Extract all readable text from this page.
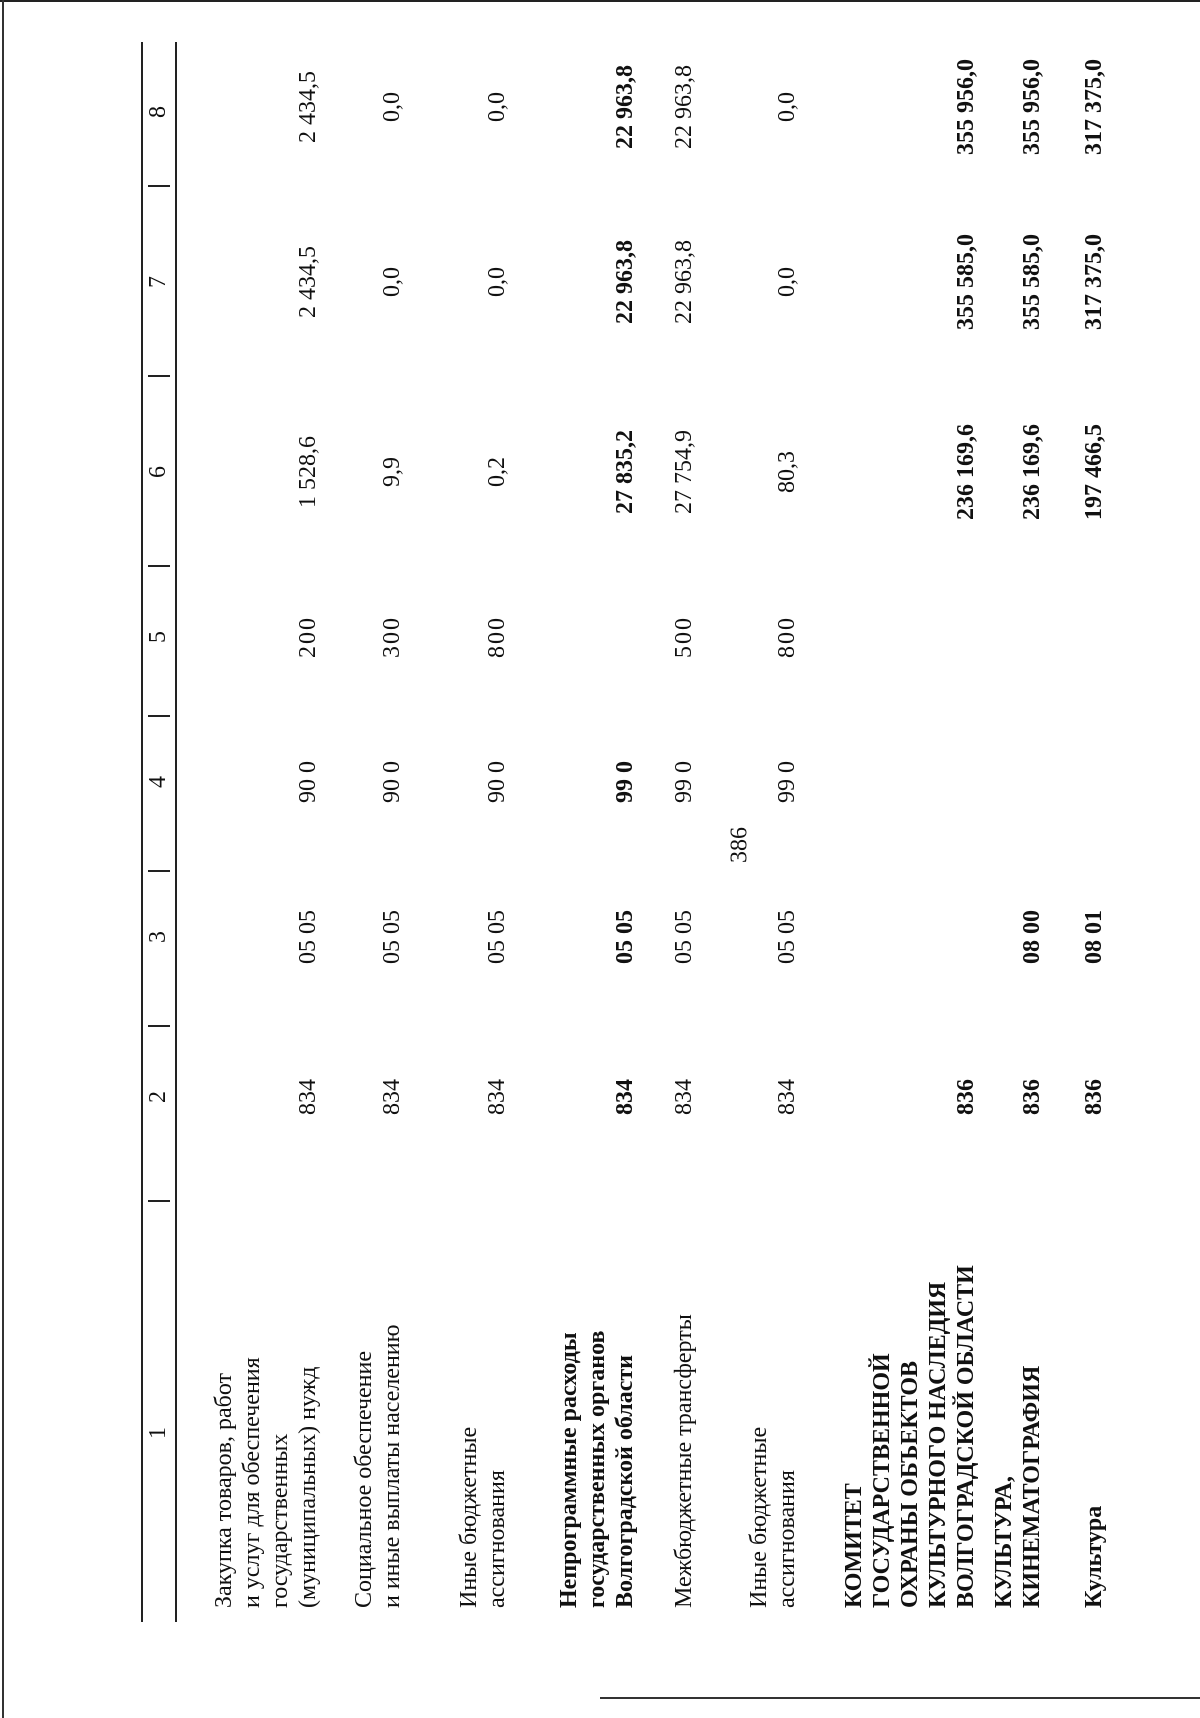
386
1
2
3
4
5
6
7
8
Закупка товаров, работ и услуг для обеспечения государственных (муниципальных) нужд
834
05 05
90 0
200
1 528,6
2 434,5
2 434,5
Социальное обеспечение и иные выплаты населению
834
05 05
90 0
300
9,9
0,0
0,0
Иные бюджетные ассигнования
834
05 05
90 0
800
0,2
0,0
0,0
Непрограммные расходы государственных органов Волгоградской области
834
05 05
99 0
27 835,2
22 963,8
22 963,8
Межбюджетные трансферты
834
05 05
99 0
500
27 754,9
22 963,8
22 963,8
Иные бюджетные ассигнования
834
05 05
99 0
800
80,3
0,0
0,0
КОМИТЕТ ГОСУДАРСТВЕННОЙ ОХРАНЫ ОБЪЕКТОВ КУЛЬТУРНОГО НАСЛЕДИЯ ВОЛГОГРАДСКОЙ ОБЛАСТИ
836
236 169,6
355 585,0
355 956,0
КУЛЬТУРА, КИНЕМАТОГРАФИЯ
836
08 00
236 169,6
355 585,0
355 956,0
Культура
836
08 01
197 466,5
317 375,0
317 375,0
